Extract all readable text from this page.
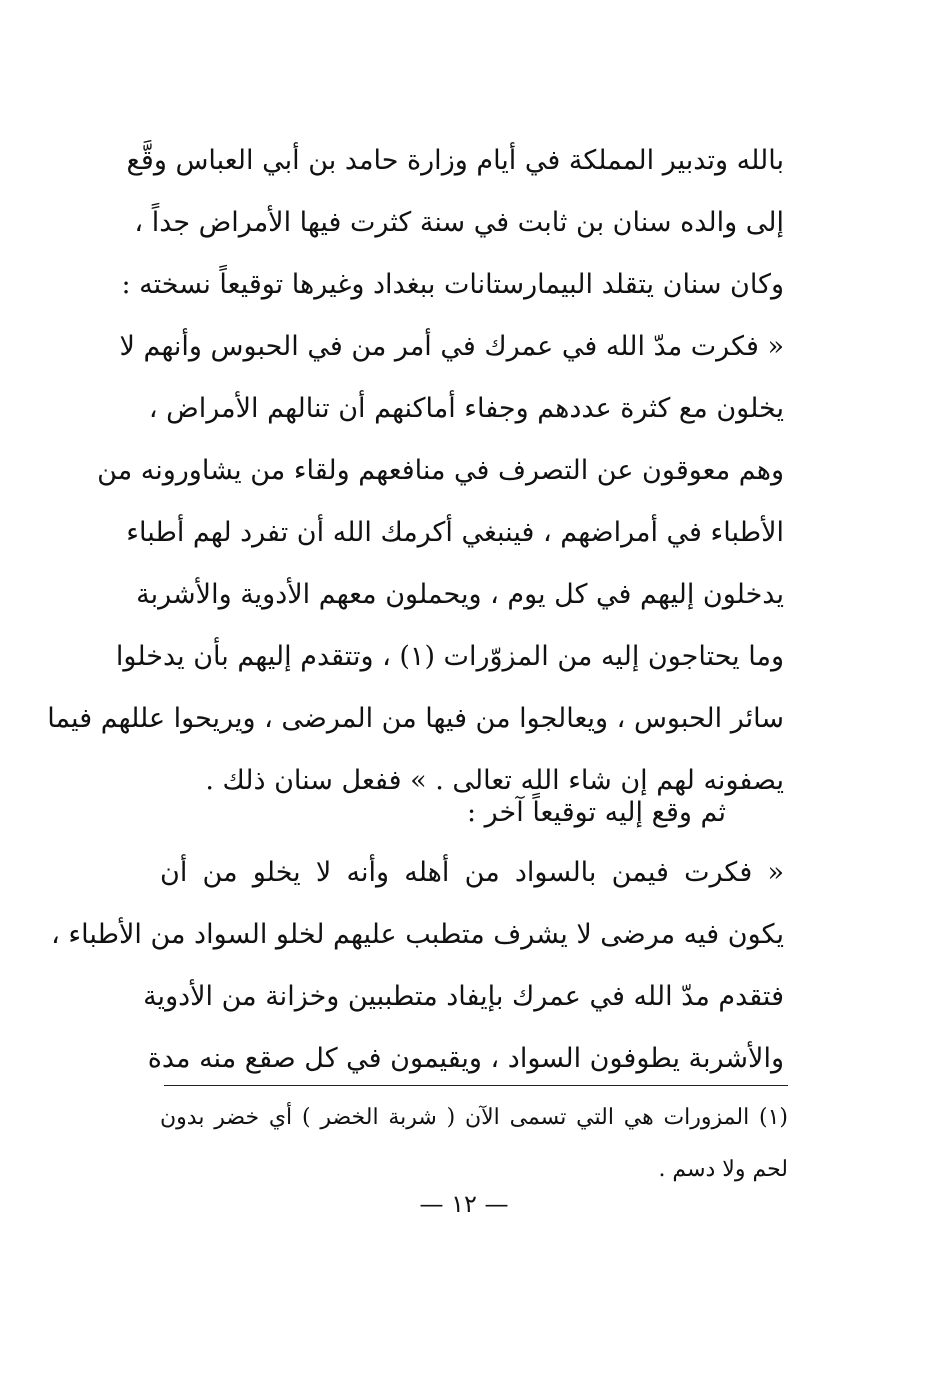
بالله وتدبير المملكة في أيام وزارة حامد بن أبي العباس وقَّع
إلى والده سنان بن ثابت في سنة كثرت فيها الأمراض جداً ،
وكان سنان يتقلد البيمارستانات ببغداد وغيرها توقيعاً نسخته :
« فكرت مدّ الله في عمرك في أمر من في الحبوس وأنهم لا
يخلون مع كثرة عددهم وجفاء أماكنهم أن تنالهم الأمراض ،
وهم معوقون عن التصرف في منافعهم ولقاء من يشاورونه من
الأطباء في أمراضهم ، فينبغي أكرمك الله أن تفرد لهم أطباء
يدخلون إليهم في كل يوم ، ويحملون معهم الأدوية والأشربة
وما يحتاجون إليه من المزوّرات (١) ، وتتقدم إليهم بأن يدخلوا
سائر الحبوس ، ويعالجوا من فيها من المرضى ، ويريحوا عللهم فيما
يصفونه لهم إن شاء الله تعالى . » ففعل سنان ذلك .
ثم وقع إليه توقيعاً آخر :
« فكرت فيمن بالسواد من أهله وأنه لا يخلو من أن
يكون فيه مرضى لا يشرف متطبب عليهم لخلو السواد من الأطباء ،
فتقدم مدّ الله في عمرك بإيفاد متطببين وخزانة من الأدوية
والأشربة يطوفون السواد ، ويقيمون في كل صقع منه مدة
(١) المزورات هي التي تسمى الآن ( شربة الخضر ) أي خضر بدون
لحم ولا دسم .
— ١٢ —
